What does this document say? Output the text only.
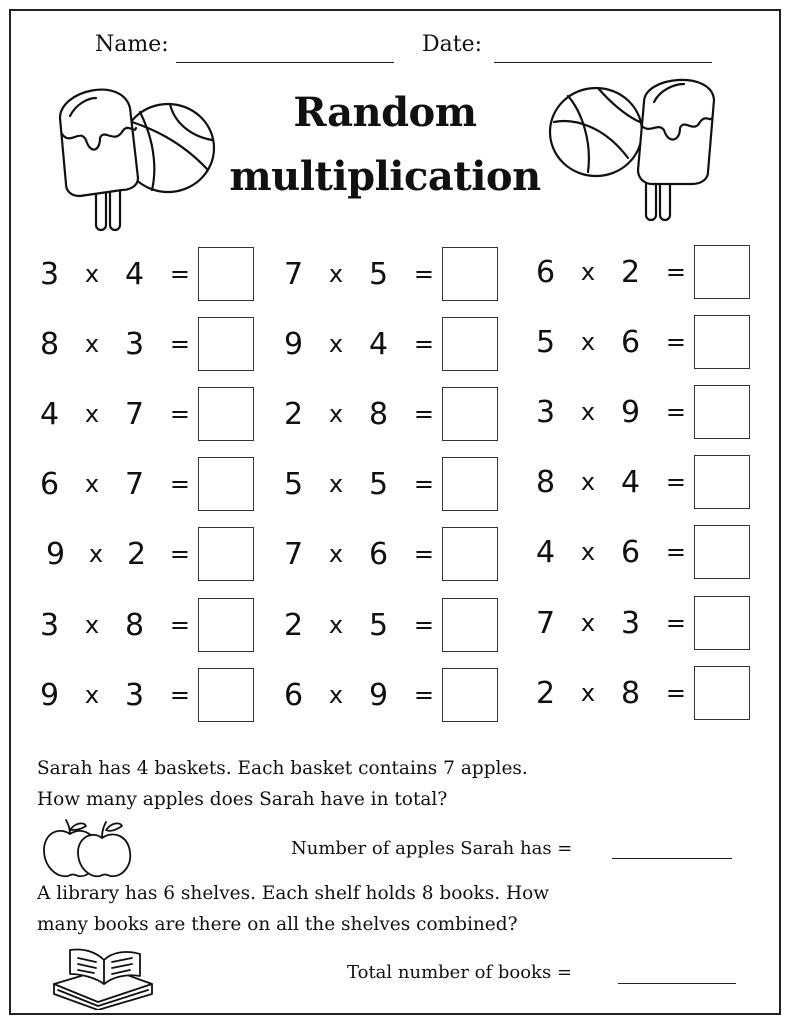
Name:	Date:
Random
multiplication
3 x 4 =
8 x 3 =
4 x 7 =
6 x 7 =
9 x 2 =
3 x 8 =
9 x 3 =
7 x 5 =
9 x 4 =
2 x 8 =
5 x 5 =
7 x 6 =
2 x 5 =
6 x 9 =
6 x 2 =
5 x 6 =
3 x 9 =
8 x 4 =
4 x 6 =
7 x 3 =
2 x 8 =
Sarah has 4 baskets. Each basket contains 7 apples.
How many apples does Sarah have in total?
Number of apples Sarah has =
A library has 6 shelves. Each shelf holds 8 books. How
many books are there on all the shelves combined?
Total number of books =
